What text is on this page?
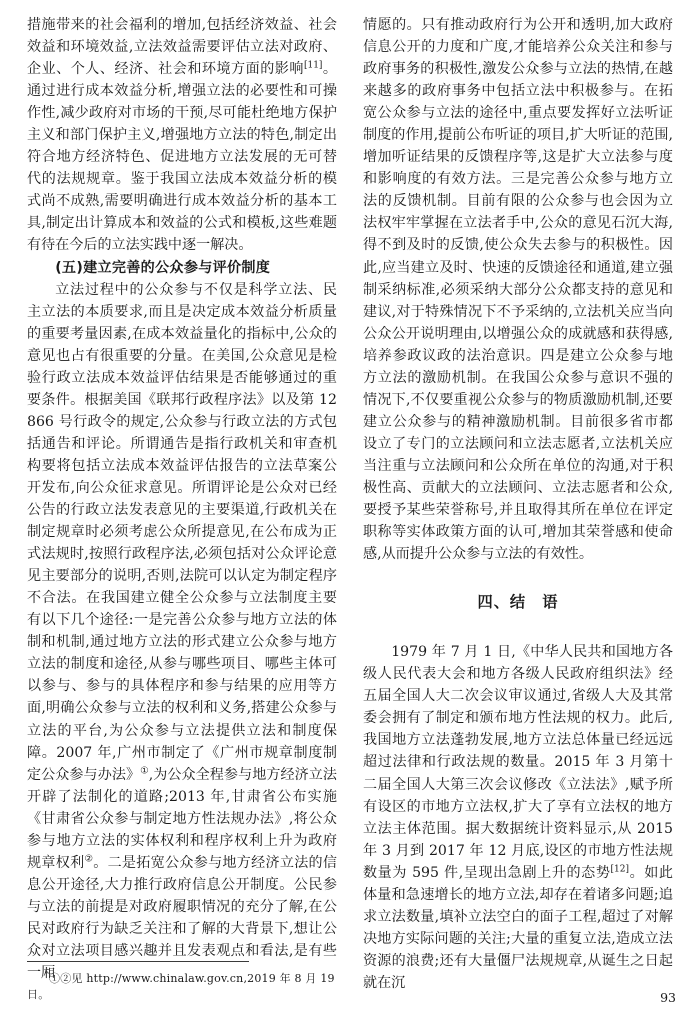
措施带来的社会福利的增加,包括经济效益、社会效益和环境效益,立法效益需要评估立法对政府、企业、个人、经济、社会和环境方面的影响[11]。通过进行成本效益分析,增强立法的必要性和可操作性,减少政府对市场的干预,尽可能杜绝地方保护主义和部门保护主义,增强地方立法的特色,制定出符合地方经济特色、促进地方立法发展的无可替代的法规规章。鉴于我国立法成本效益分析的模式尚不成熟,需要明确进行成本效益分析的基本工具,制定出计算成本和效益的公式和模板,这些难题有待在今后的立法实践中逐一解决。

(五)建立完善的公众参与评价制度

立法过程中的公众参与不仅是科学立法、民主立法的本质要求,而且是决定成本效益分析质量的重要考量因素,在成本效益量化的指标中,公众的意见也占有很重要的分量。在美国,公众意见是检验行政立法成本效益评估结果是否能够通过的重要条件。根据美国《联邦行政程序法》以及第 12866 号行政令的规定,公众参与行政立法的方式包括通告和评论。所谓通告是指行政机关和审查机构要将包括立法成本效益评估报告的立法草案公开发布,向公众征求意见。所谓评论是公众对已经公告的行政立法发表意见的主要渠道,行政机关在制定规章时必须考虑公众所提意见,在公布成为正式法规时,按照行政程序法,必须包括对公众评论意见主要部分的说明,否则,法院可以认定为制定程序不合法。在我国建立健全公众参与立法制度主要有以下几个途径:一是完善公众参与地方立法的体制和机制,通过地方立法的形式建立公众参与地方立法的制度和途径,从参与哪些项目、哪些主体可以参与、参与的具体程序和参与结果的应用等方面,明确公众参与立法的权利和义务,搭建公众参与立法的平台,为公众参与立法提供立法和制度保障。2007 年,广州市制定了《广州市规章制度制定公众参与办法》①,为公众全程参与地方经济立法开辟了法制化的道路;2013 年,甘肃省公布实施《甘肃省公众参与制定地方性法规办法》,将公众参与地方立法的实体权利和程序权利上升为政府规章权利②。二是拓宽公众参与地方经济立法的信息公开途径,大力推行政府信息公开制度。公民参与立法的前提是对政府履职情况的充分了解,在公民对政府行为缺乏关注和了解的大背景下,想让公众对立法项目感兴趣并且发表观点和看法,是有些一厢

情愿的。只有推动政府行为公开和透明,加大政府信息公开的力度和广度,才能培养公众关注和参与政府事务的积极性,激发公众参与立法的热情,在越来越多的政府事务中包括立法中积极参与。在拓宽公众参与立法的途径中,重点要发挥好立法听证制度的作用,提前公布听证的项目,扩大听证的范围,增加听证结果的反馈程序等,这是扩大立法参与度和影响度的有效方法。三是完善公众参与地方立法的反馈机制。目前有限的公众参与也会因为立法权牢牢掌握在立法者手中,公众的意见石沉大海,得不到及时的反馈,使公众失去参与的积极性。因此,应当建立及时、快速的反馈途径和通道,建立强制采纳标准,必须采纳大部分公众都支持的意见和建议,对于特殊情况下不予采纳的,立法机关应当向公众公开说明理由,以增强公众的成就感和获得感,培养参政议政的法治意识。四是建立公众参与地方立法的激励机制。在我国公众参与意识不强的情况下,不仅要重视公众参与的物质激励机制,还要建立公众参与的精神激励机制。目前很多省市都设立了专门的立法顾问和立法志愿者,立法机关应当注重与立法顾问和公众所在单位的沟通,对于积极性高、贡献大的立法顾问、立法志愿者和公众,要授予某些荣誉称号,并且取得其所在单位在评定职称等实体政策方面的认可,增加其荣誉感和使命感,从而提升公众参与立法的有效性。

四、结　语

1979 年 7 月 1 日,《中华人民共和国地方各级人民代表大会和地方各级人民政府组织法》经五届全国人大二次会议审议通过,省级人大及其常委会拥有了制定和颁布地方性法规的权力。此后,我国地方立法蓬勃发展,地方立法总体量已经远远超过法律和行政法规的数量。2015 年 3 月第十二届全国人大第三次会议修改《立法法》,赋予所有设区的市地方立法权,扩大了享有立法权的地方立法主体范围。据大数据统计资料显示,从 2015 年 3 月到 2017 年 12 月底,设区的市地方性法规数量为 595 件,呈现出急剧上升的态势[12]。如此体量和急速增长的地方立法,却存在着诸多问题;追求立法数量,填补立法空白的面子工程,超过了对解决地方实际问题的关注;大量的重复立法,造成立法资源的浪费;还有大量僵尸法规规章,从诞生之日起就在沉

①②见 http://www.chinalaw.gov.cn,2019 年 8 月 19 日。	93
